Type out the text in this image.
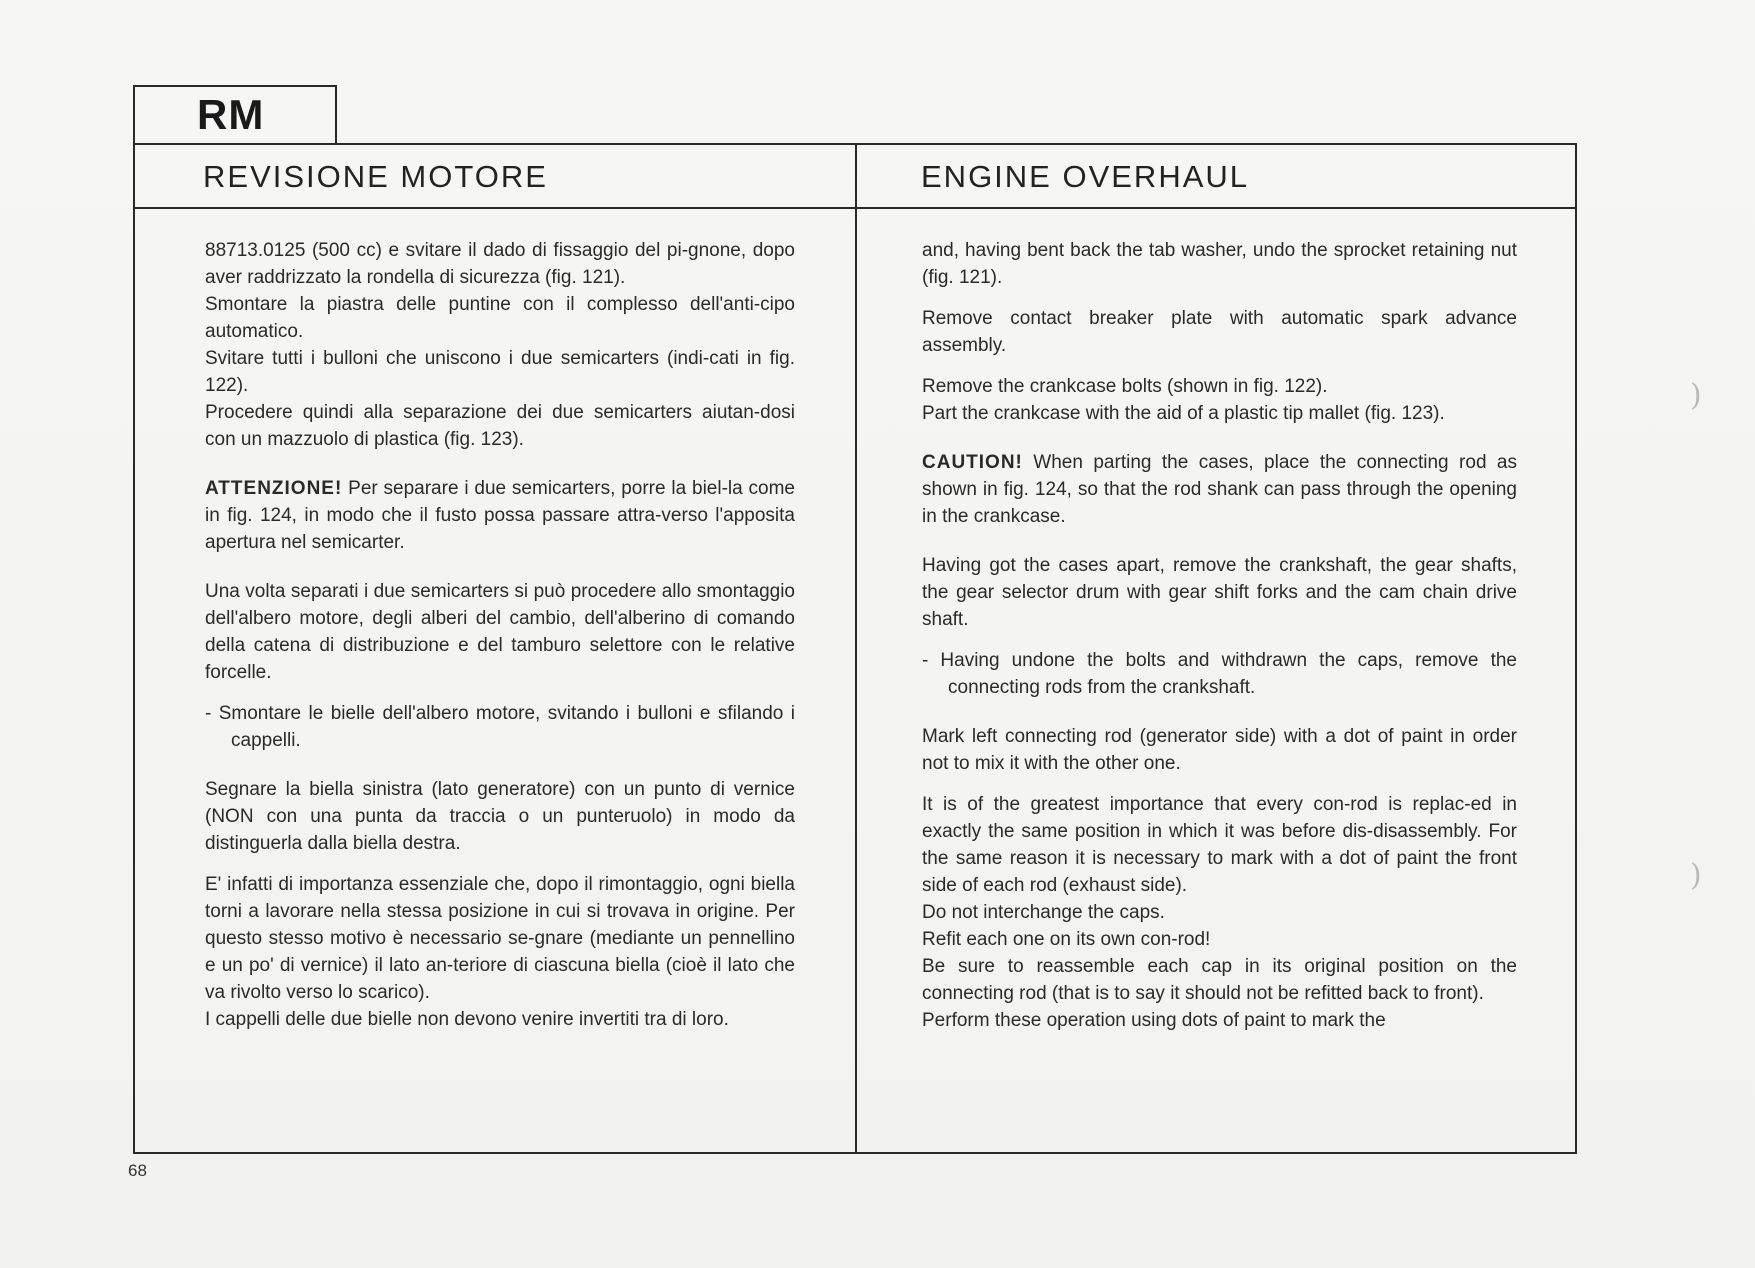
RM
REVISIONE MOTORE	ENGINE OVERHAUL

88713.0125 (500 cc) e svitare il dado di fissaggio del pi-gnone, dopo aver raddrizzato la rondella di sicurezza (fig. 121).

Smontare la piastra delle puntine con il complesso dell'anti-cipo automatico.

Svitare tutti i bulloni che uniscono i due semicarters (indi-cati in fig. 122).

Procedere quindi alla separazione dei due semicarters aiutan-dosi con un mazzuolo di plastica (fig. 123).

ATTENZIONE! Per separare i due semicarters, porre la biel-la come in fig. 124, in modo che il fusto possa passare attra-verso l'apposita apertura nel semicarter.

Una volta separati i due semicarters si può procedere allo smontaggio dell'albero motore, degli alberi del cambio, dell'alberino di comando della catena di distribuzione e del tamburo selettore con le relative forcelle.

- Smontare le bielle dell'albero motore, svitando i bulloni e sfilando i cappelli.

Segnare la biella sinistra (lato generatore) con un punto di vernice (NON con una punta da traccia o un punteruolo) in modo da distinguerla dalla biella destra.

E' infatti di importanza essenziale che, dopo il rimontaggio, ogni biella torni a lavorare nella stessa posizione in cui si trovava in origine. Per questo stesso motivo è necessario se-gnare (mediante un pennellino e un po' di vernice) il lato an-teriore di ciascuna biella (cioè il lato che va rivolto verso lo scarico).

I cappelli delle due bielle non devono venire invertiti tra di loro.

and, having bent back the tab washer, undo the sprocket retaining nut (fig. 121).

Remove contact breaker plate with automatic spark advance assembly.

Remove the crankcase bolts (shown in fig. 122).

Part the crankcase with the aid of a plastic tip mallet (fig. 123).

CAUTION! When parting the cases, place the connecting rod as shown in fig. 124, so that the rod shank can pass through the opening in the crankcase.

Having got the cases apart, remove the crankshaft, the gear shafts, the gear selector drum with gear shift forks and the cam chain drive shaft.

- Having undone the bolts and withdrawn the caps, remove the connecting rods from the crankshaft.

Mark left connecting rod (generator side) with a dot of paint in order not to mix it with the other one.

It is of the greatest importance that every con-rod is replac-ed in exactly the same position in which it was before dis-disassembly. For the same reason it is necessary to mark with a dot of paint the front side of each rod (exhaust side).

Do not interchange the caps.

Refit each one on its own con-rod!

Be sure to reassemble each cap in its original position on the connecting rod (that is to say it should not be refitted back to front).

Perform these operation using dots of paint to mark the

68
)
)
